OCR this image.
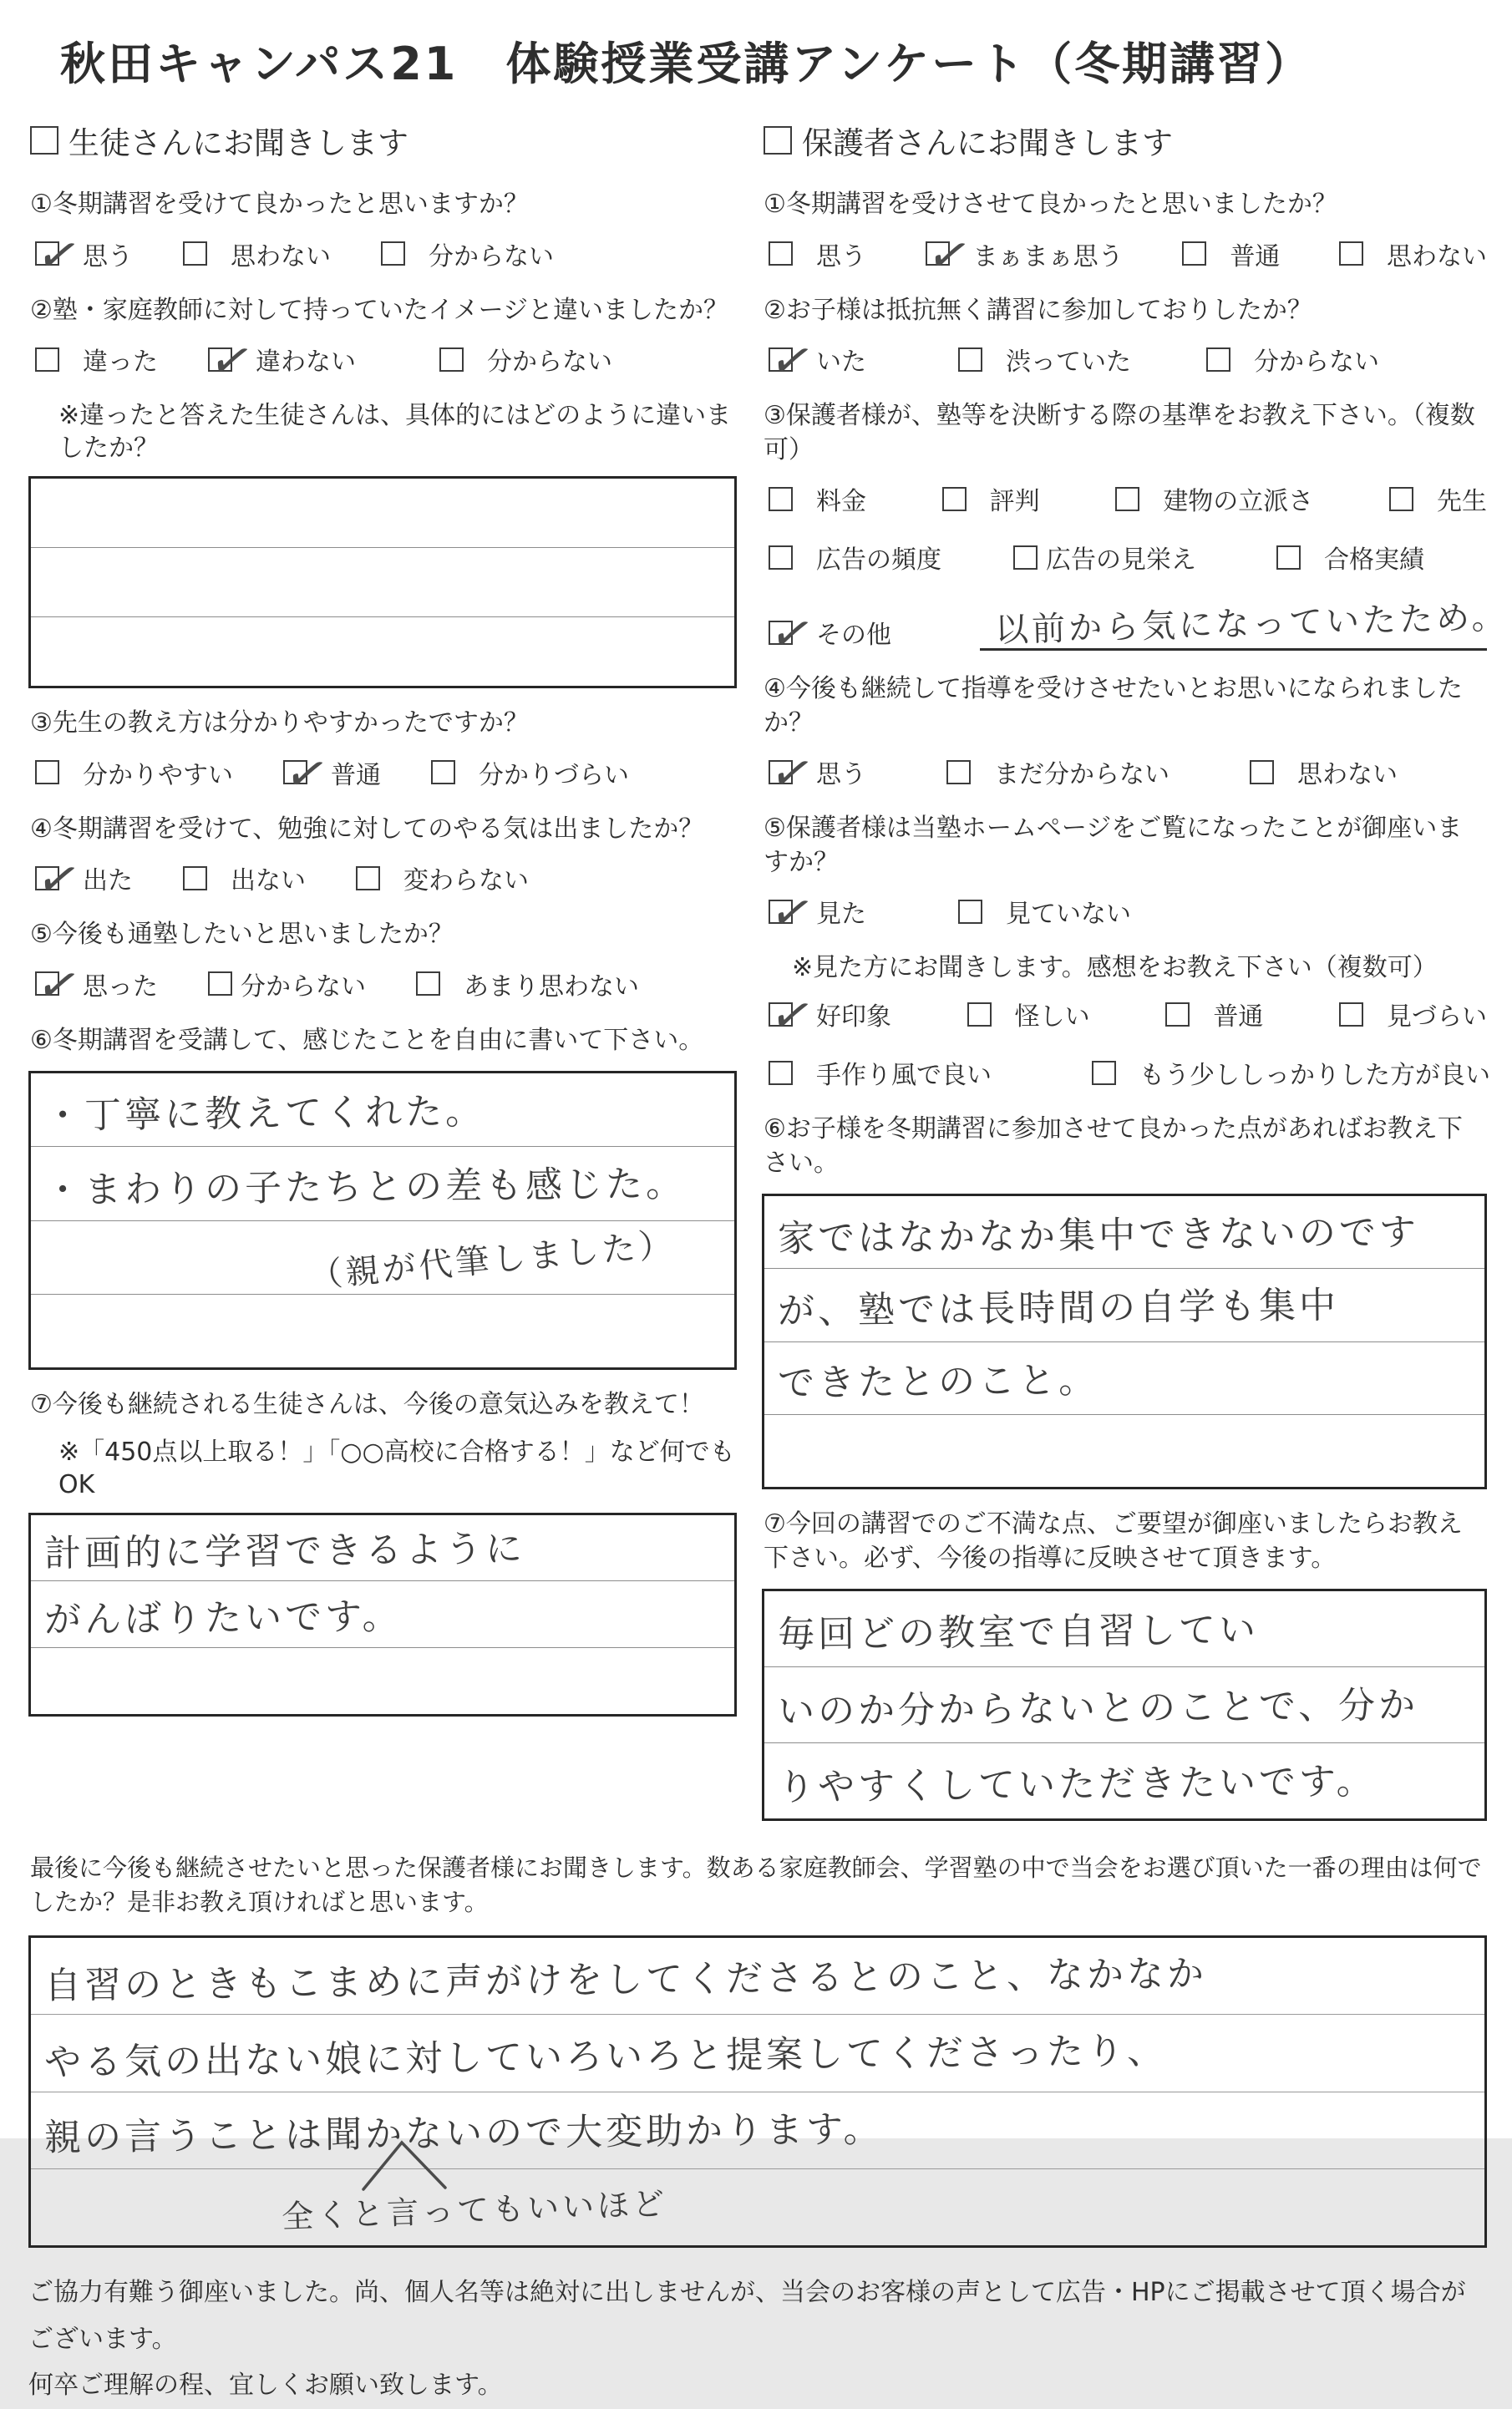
秋田キャンパス21　体験授業受講アンケート（冬期講習）
生徒さんにお聞きします
①冬期講習を受けて良かったと思いますか？
✓
思う	思わない	分からない
②塾・家庭教師に対して持っていたイメージと違いましたか？
違った ✓	違わない	分からない
※違ったと答えた生徒さんは、具体的にはどのように違いましたか？
③先生の教え方は分かりやすかったですか？
分かりやすい ✓	普通	分かりづらい
④冬期講習を受けて、勉強に対してのやる気は出ましたか？
✓
出た	出ない	変わらない
⑤今後も通塾したいと思いましたか？
✓
思った	分からない	あまり思わない
⑥冬期講習を受講して、感じたことを自由に書いて下さい。
・丁寧に教えてくれた。
・まわりの子たちとの差も感じた。
（親が代筆しました）
⑦今後も継続される生徒さんは、今後の意気込みを教えて！
※「450点以上取る！」「○○高校に合格する！」など何でもOK
計画的に学習できるように
がんばりたいです。
保護者さんにお聞きします
①冬期講習を受けさせて良かったと思いましたか？
思う ✓	まぁまぁ思う	普通	思わない
②お子様は抵抗無く講習に参加しておりしたか？
✓
いた	渋っていた	分からない
③保護者様が、塾等を決断する際の基準をお教え下さい。（複数可）
料金	評判	建物の立派さ	先生
広告の頻度	広告の見栄え	合格実績
✓
その他	以前から気になっていたため。
④今後も継続して指導を受けさせたいとお思いになられましたか？
✓
思う	まだ分からない	思わない
⑤保護者様は当塾ホームページをご覧になったことが御座いますか？
✓
見た	見ていない
※見た方にお聞きします。感想をお教え下さい（複数可）
✓
好印象	怪しい	普通	見づらい
手作り風で良い	もう少ししっかりした方が良い
⑥お子様を冬期講習に参加させて良かった点があればお教え下さい。
家ではなかなか集中できないのです
が、塾では長時間の自学も集中
できたとのこと。
⑦今回の講習でのご不満な点、ご要望が御座いましたらお教え下さい。必ず、今後の指導に反映させて頂きます。
毎回どの教室で自習してい
いのか分からないとのことで、分か
りやすくしていただきたいです。
最後に今後も継続させたいと思った保護者様にお聞きします。数ある家庭教師会、学習塾の中で当会をお選び頂いた一番の理由は何でしたか？是非お教え頂ければと思います。
自習のときもこまめに声がけをしてくださるとのこと、なかなか
やる気の出ない娘に対していろいろと提案してくださったり、
親の言うことは聞かないので大変助かります。
全くと言ってもいいほど
ご協力有難う御座いました。尚、個人名等は絶対に出しませんが、当会のお客様の声として広告・HPにご掲載させて頂く場合がございます。
何卒ご理解の程、宜しくお願い致します。
